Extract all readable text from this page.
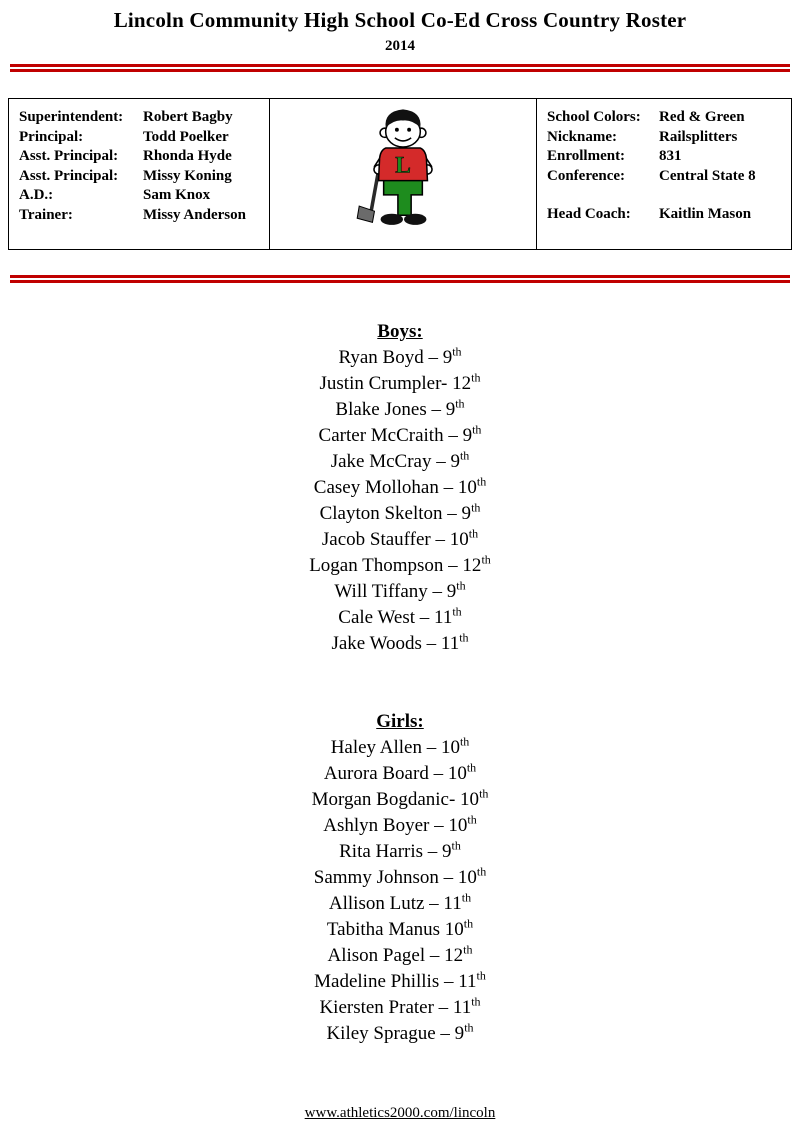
Lincoln Community High School Co-Ed Cross Country Roster
2014
Superintendent:	Robert Bagby
Principal:	Todd Poelker
Asst. Principal:	Rhonda Hyde
Asst. Principal:	Missy Koning
A.D.:	Sam Knox
Trainer:	Missy Anderson
L
School Colors:	Red & Green
Nickname:	Railsplitters
Enrollment:	831
Conference:	Central State 8
Head Coach:	Kaitlin Mason
Boys:
Ryan Boyd – 9th
Justin Crumpler- 12th
Blake Jones – 9th
Carter McCraith – 9th
Jake McCray – 9th
Casey Mollohan – 10th
Clayton Skelton – 9th
Jacob Stauffer – 10th
Logan Thompson – 12th
Will Tiffany – 9th
Cale West – 11th
Jake Woods – 11th
Girls:
Haley Allen – 10th
Aurora Board – 10th
Morgan Bogdanic- 10th
Ashlyn Boyer – 10th
Rita Harris – 9th
Sammy Johnson – 10th
Allison Lutz – 11th
Tabitha Manus 10th
Alison Pagel – 12th
Madeline Phillis – 11th
Kiersten Prater – 11th
Kiley Sprague – 9th
www.athletics2000.com/lincoln
